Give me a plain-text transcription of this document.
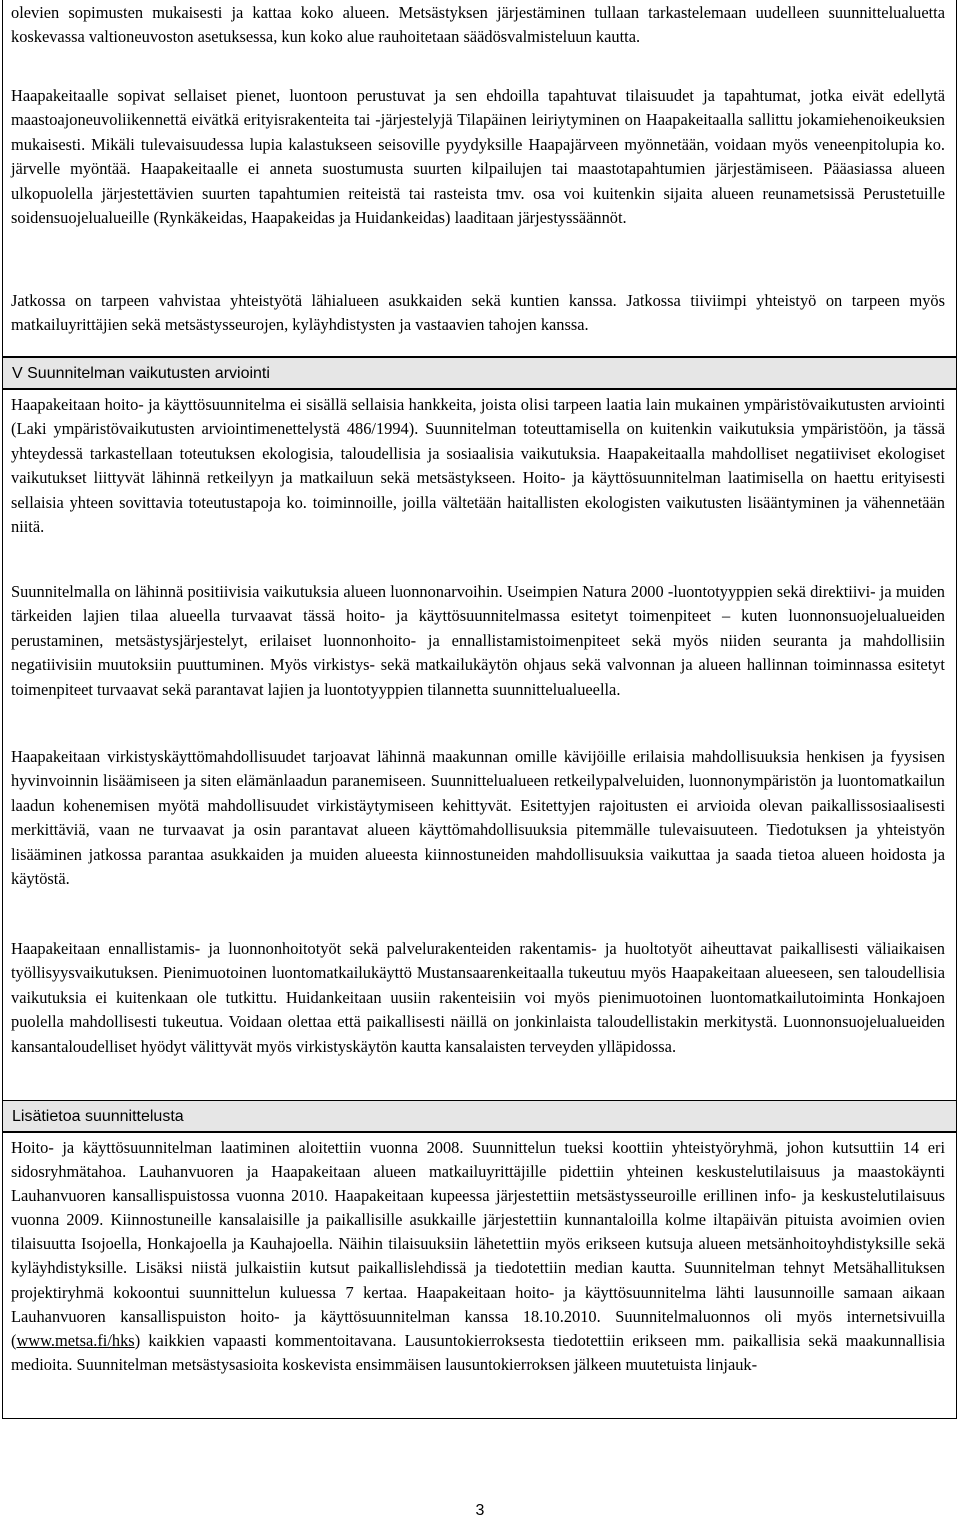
olevien sopimusten mukaisesti ja kattaa koko alueen. Metsästyksen järjestäminen tullaan tarkastelemaan uudelleen suunnittelualuetta koskevassa valtioneuvoston asetuksessa, kun koko alue rauhoitetaan säädösvalmisteluun kautta.

Haapakeitaalle sopivat sellaiset pienet, luontoon perustuvat ja sen ehdoilla tapahtuvat tilaisuudet ja tapahtumat, jotka eivät edellytä maastoajoneuvoliikennettä eivätkä erityisrakenteita tai -järjestelyjä Tilapäinen leiriytyminen on Haapakeitaalla sallittu jokamiehenoikeuksien mukaisesti. Mikäli tulevaisuudessa lupia kalastukseen seisoville pyydyksille Haapajärveen myönnetään, voidaan myös veneenpitolupia ko. järvelle myöntää. Haapakeitaalle ei anneta suostumusta suurten kilpailujen tai maastotapahtumien järjestämiseen. Pääasiassa alueen ulkopuolella järjestettävien suurten tapahtumien reiteistä tai rasteista tmv. osa voi kuitenkin sijaita alueen reunametsissä Perustetuille soidensuojelualueille (Rynkäkeidas, Haapakeidas ja Huidankeidas) laaditaan järjestyssäännöt.

Jatkossa on tarpeen vahvistaa yhteistyötä lähialueen asukkaiden sekä kuntien kanssa. Jatkossa tiiviimpi yhteistyö on tarpeen myös matkailuyrittäjien sekä metsästysseurojen, kyläyhdistysten ja vastaavien tahojen kanssa.

V Suunnitelman vaikutusten arviointi

Haapakeitaan hoito- ja käyttösuunnitelma ei sisällä sellaisia hankkeita, joista olisi tarpeen laatia lain mukainen ympäristövaikutusten arviointi (Laki ympäristövaikutusten arviointimenettelystä 486/1994). Suunnitelman toteuttamisella on kuitenkin vaikutuksia ympäristöön, ja tässä yhteydessä tarkastellaan toteutuksen ekologisia, taloudellisia ja sosiaalisia vaikutuksia. Haapakeitaalla mahdolliset negatiiviset ekologiset vaikutukset liittyvät lähinnä retkeilyyn ja matkailuun sekä metsästykseen. Hoito- ja käyttösuunnitelman laatimisella on haettu erityisesti sellaisia yhteen sovittavia toteutustapoja ko. toiminnoille, joilla vältetään haitallisten ekologisten vaikutusten lisääntyminen ja vähennetään niitä.

Suunnitelmalla on lähinnä positiivisia vaikutuksia alueen luonnonarvoihin. Useimpien Natura 2000 -luontotyyppien sekä direktiivi- ja muiden tärkeiden lajien tilaa alueella turvaavat tässä hoito- ja käyttösuunnitelmassa esitetyt toimenpiteet – kuten luonnonsuojelualueiden perustaminen, metsästysjärjestelyt, erilaiset luonnonhoito- ja ennallistamistoimenpiteet sekä myös niiden seuranta ja mahdollisiin negatiivisiin muutoksiin puuttuminen. Myös virkistys- sekä matkailukäytön ohjaus sekä valvonnan ja alueen hallinnan toiminnassa esitetyt toimenpiteet turvaavat sekä parantavat lajien ja luontotyyppien tilannetta suunnittelualueella.

Haapakeitaan virkistyskäyttömahdollisuudet tarjoavat lähinnä maakunnan omille kävijöille erilaisia mahdollisuuksia henkisen ja fyysisen hyvinvoinnin lisäämiseen ja siten elämänlaadun paranemiseen. Suunnittelualueen retkeilypalveluiden, luonnonympäristön ja luontomatkailun laadun kohenemisen myötä mahdollisuudet virkistäytymiseen kehittyvät. Esitettyjen rajoitusten ei arvioida olevan paikallissosiaalisesti merkittäviä, vaan ne turvaavat ja osin parantavat alueen käyttömahdollisuuksia pitemmälle tulevaisuuteen. Tiedotuksen ja yhteistyön lisääminen jatkossa parantaa asukkaiden ja muiden alueesta kiinnostuneiden mahdollisuuksia vaikuttaa ja saada tietoa alueen hoidosta ja käytöstä.

Haapakeitaan ennallistamis- ja luonnonhoitotyöt sekä palvelurakenteiden rakentamis- ja huoltotyöt aiheuttavat paikallisesti väliaikaisen työllisyysvaikutuksen. Pienimuotoinen luontomatkailukäyttö Mustansaarenkeitaalla tukeutuu myös Haapakeitaan alueeseen, sen taloudellisia vaikutuksia ei kuitenkaan ole tutkittu. Huidankeitaan uusiin rakenteisiin voi myös pienimuotoinen luontomatkailutoiminta Honkajoen puolella mahdollisesti tukeutua. Voidaan olettaa että paikallisesti näillä on jonkinlaista taloudellistakin merkitystä. Luonnonsuojelualueiden kansantaloudelliset hyödyt välittyvät myös virkistyskäytön kautta kansalaisten terveyden ylläpidossa.

Lisätietoa suunnittelusta

Hoito- ja käyttösuunnitelman laatiminen aloitettiin vuonna 2008. Suunnittelun tueksi koottiin yhteistyöryhmä, johon kutsuttiin 14 eri sidosryhmätahoa. Lauhanvuoren ja Haapakeitaan alueen matkailuyrittäjille pidettiin yhteinen keskustelutilaisuus ja maastokäynti Lauhanvuoren kansallispuistossa vuonna 2010. Haapakeitaan kupeessa järjestettiin metsästysseuroille erillinen info- ja keskustelutilaisuus vuonna 2009. Kiinnostuneille kansalaisille ja paikallisille asukkaille järjestettiin kunnantaloilla kolme iltapäivän pituista avoimien ovien tilaisuutta Isojoella, Honkajoella ja Kauhajoella. Näihin tilaisuuksiin lähetettiin myös erikseen kutsuja alueen metsänhoitoyhdistyksille sekä kyläyhdistyksille. Lisäksi niistä julkaistiin kutsut paikallislehdissä ja tiedotettiin median kautta. Suunnitelman tehnyt Metsähallituksen projektiryhmä kokoontui suunnittelun kuluessa 7 kertaa. Haapakeitaan hoito- ja käyttösuunnitelma lähti lausunnoille samaan aikaan Lauhanvuoren kansallispuiston hoito- ja käyttösuunnitelman kanssa 18.10.2010. Suunnitelmaluonnos oli myös internetsivuilla (www.metsa.fi/hks) kaikkien vapaasti kommentoitavana. Lausuntokierroksesta tiedotettiin erikseen mm. paikallisia sekä maakunnallisia medioita. Suunnitelman metsästysasioita koskevista ensimmäisen lausuntokierroksen jälkeen muutetuista linjauk-

3
